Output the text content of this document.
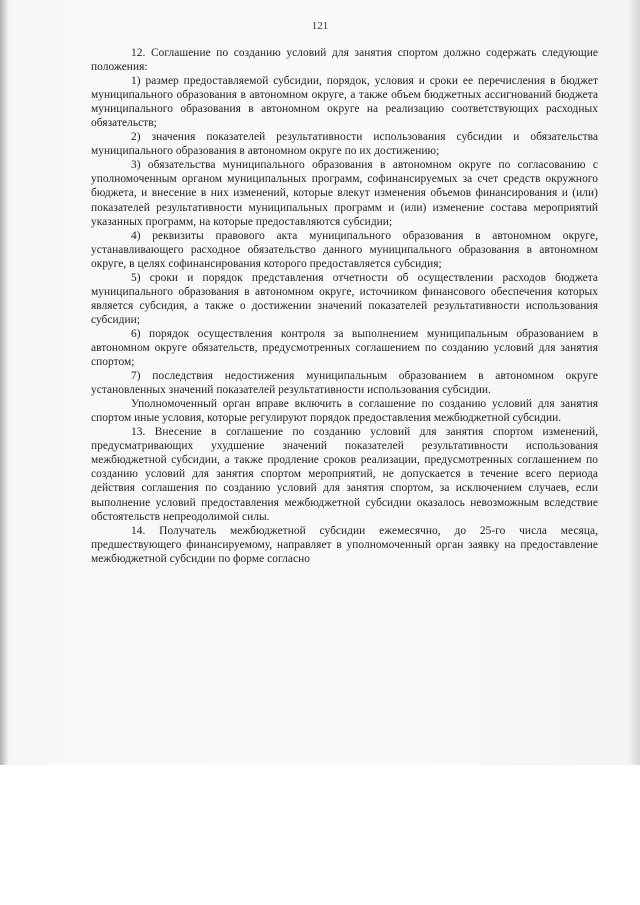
121

12. Соглашение по созданию условий для занятия спортом должно содержать следующие положения:

1) размер предоставляемой субсидии, порядок, условия и сроки ее перечисления в бюджет муниципального образования в автономном округе, а также объем бюджетных ассигнований бюджета муниципального образования в автономном округе на реализацию соответствующих расходных обязательств;

2) значения показателей результативности использования субсидии и обязательства муниципального образования в автономном округе по их достижению;

3) обязательства муниципального образования в автономном округе по согласованию с уполномоченным органом муниципальных программ, софинансируемых за счет средств окружного бюджета, и внесение в них изменений, которые влекут изменения объемов финансирования и (или) показателей результативности муниципальных программ и (или) изменение состава мероприятий указанных программ, на которые предоставляются субсидии;

4) реквизиты правового акта муниципального образования в автономном округе, устанавливающего расходное обязательство данного муниципального образования в автономном округе, в целях софинансирования которого предоставляется субсидия;

5) сроки и порядок представления отчетности об осуществлении расходов бюджета муниципального образования в автономном округе, источником финансового обеспечения которых является субсидия, а также о достижении значений показателей результативности использования субсидии;

6) порядок осуществления контроля за выполнением муниципальным образованием в автономном округе обязательств, предусмотренных соглашением по созданию условий для занятия спортом;

7) последствия недостижения муниципальным образованием в автономном округе установленных значений показателей результативности использования субсидии.

Уполномоченный орган вправе включить в соглашение по созданию условий для занятия спортом иные условия, которые регулируют порядок предоставления межбюджетной субсидии.

13. Внесение в соглашение по созданию условий для занятия спортом изменений, предусматривающих ухудшение значений показателей результативности использования межбюджетной субсидии, а также продление сроков реализации, предусмотренных соглашением по созданию условий для занятия спортом мероприятий, не допускается в течение всего периода действия соглашения по созданию условий для занятия спортом, за исключением случаев, если выполнение условий предоставления межбюджетной субсидии оказалось невозможным вследствие обстоятельств непреодолимой силы.

14. Получатель межбюджетной субсидии ежемесячно, до 25-го числа месяца, предшествующего финансируемому, направляет в уполномоченный орган заявку на предоставление межбюджетной субсидии по форме согласно
